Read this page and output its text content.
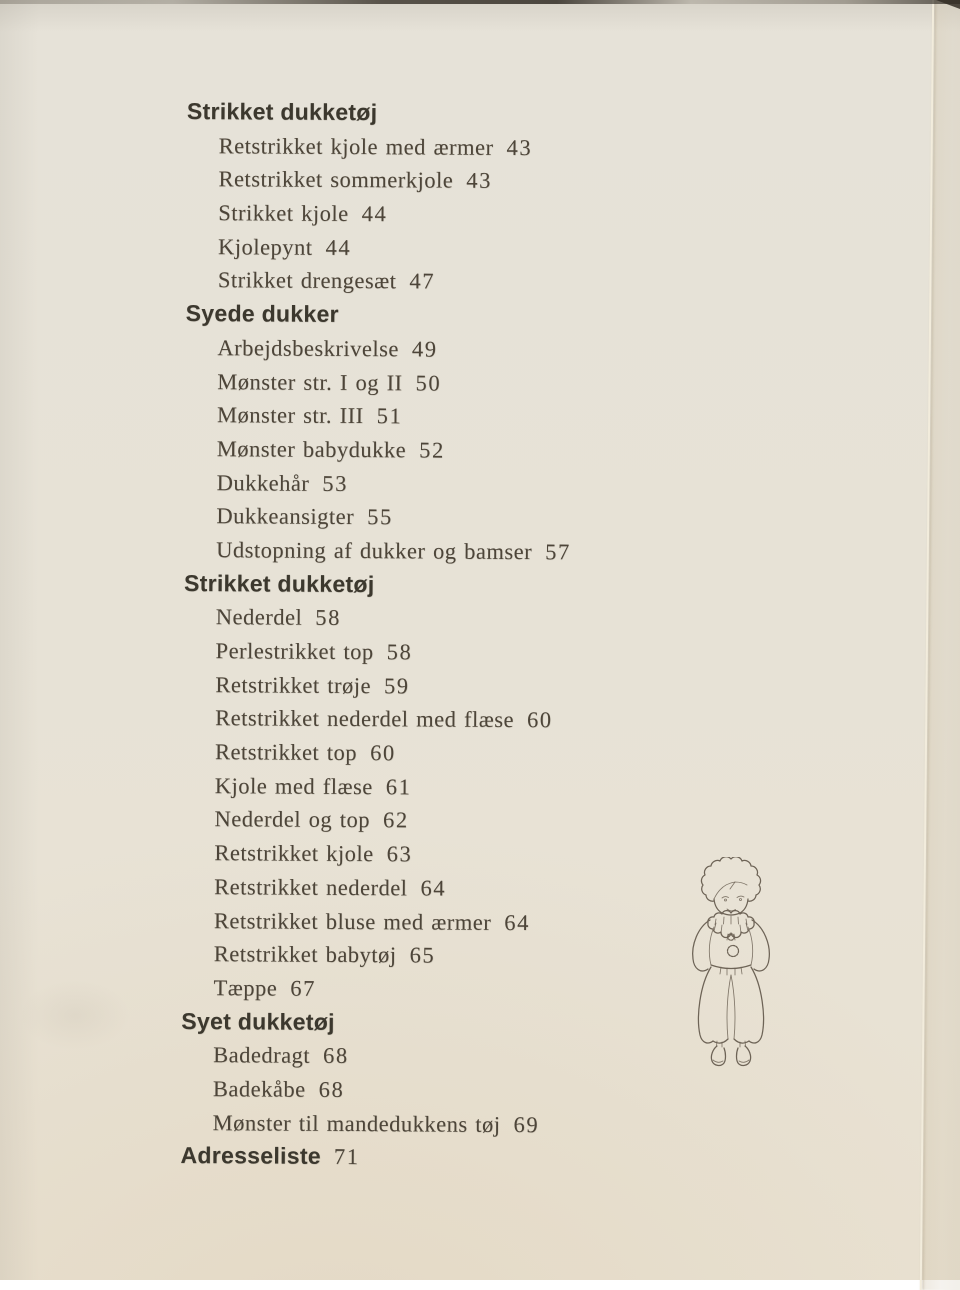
Strikket dukketøj
Retstrikket kjole med ærmer 43
Retstrikket sommerkjole 43
Strikket kjole 44
Kjolepynt 44
Strikket drengesæt 47
Syede dukker
Arbejdsbeskrivelse 49
Mønster str. I og II 50
Mønster str. III 51
Mønster babydukke 52
Dukkehår 53
Dukkeansigter 55
Udstopning af dukker og bamser 57
Strikket dukketøj
Nederdel 58
Perlestrikket top 58
Retstrikket trøje 59
Retstrikket nederdel med flæse 60
Retstrikket top 60
Kjole med flæse 61
Nederdel og top 62
Retstrikket kjole 63
Retstrikket nederdel 64
Retstrikket bluse med ærmer 64
Retstrikket babytøj 65
Tæppe 67
Syet dukketøj
Badedragt 68
Badekåbe 68
Mønster til mandedukkens tøj 69
Adresseliste 71
